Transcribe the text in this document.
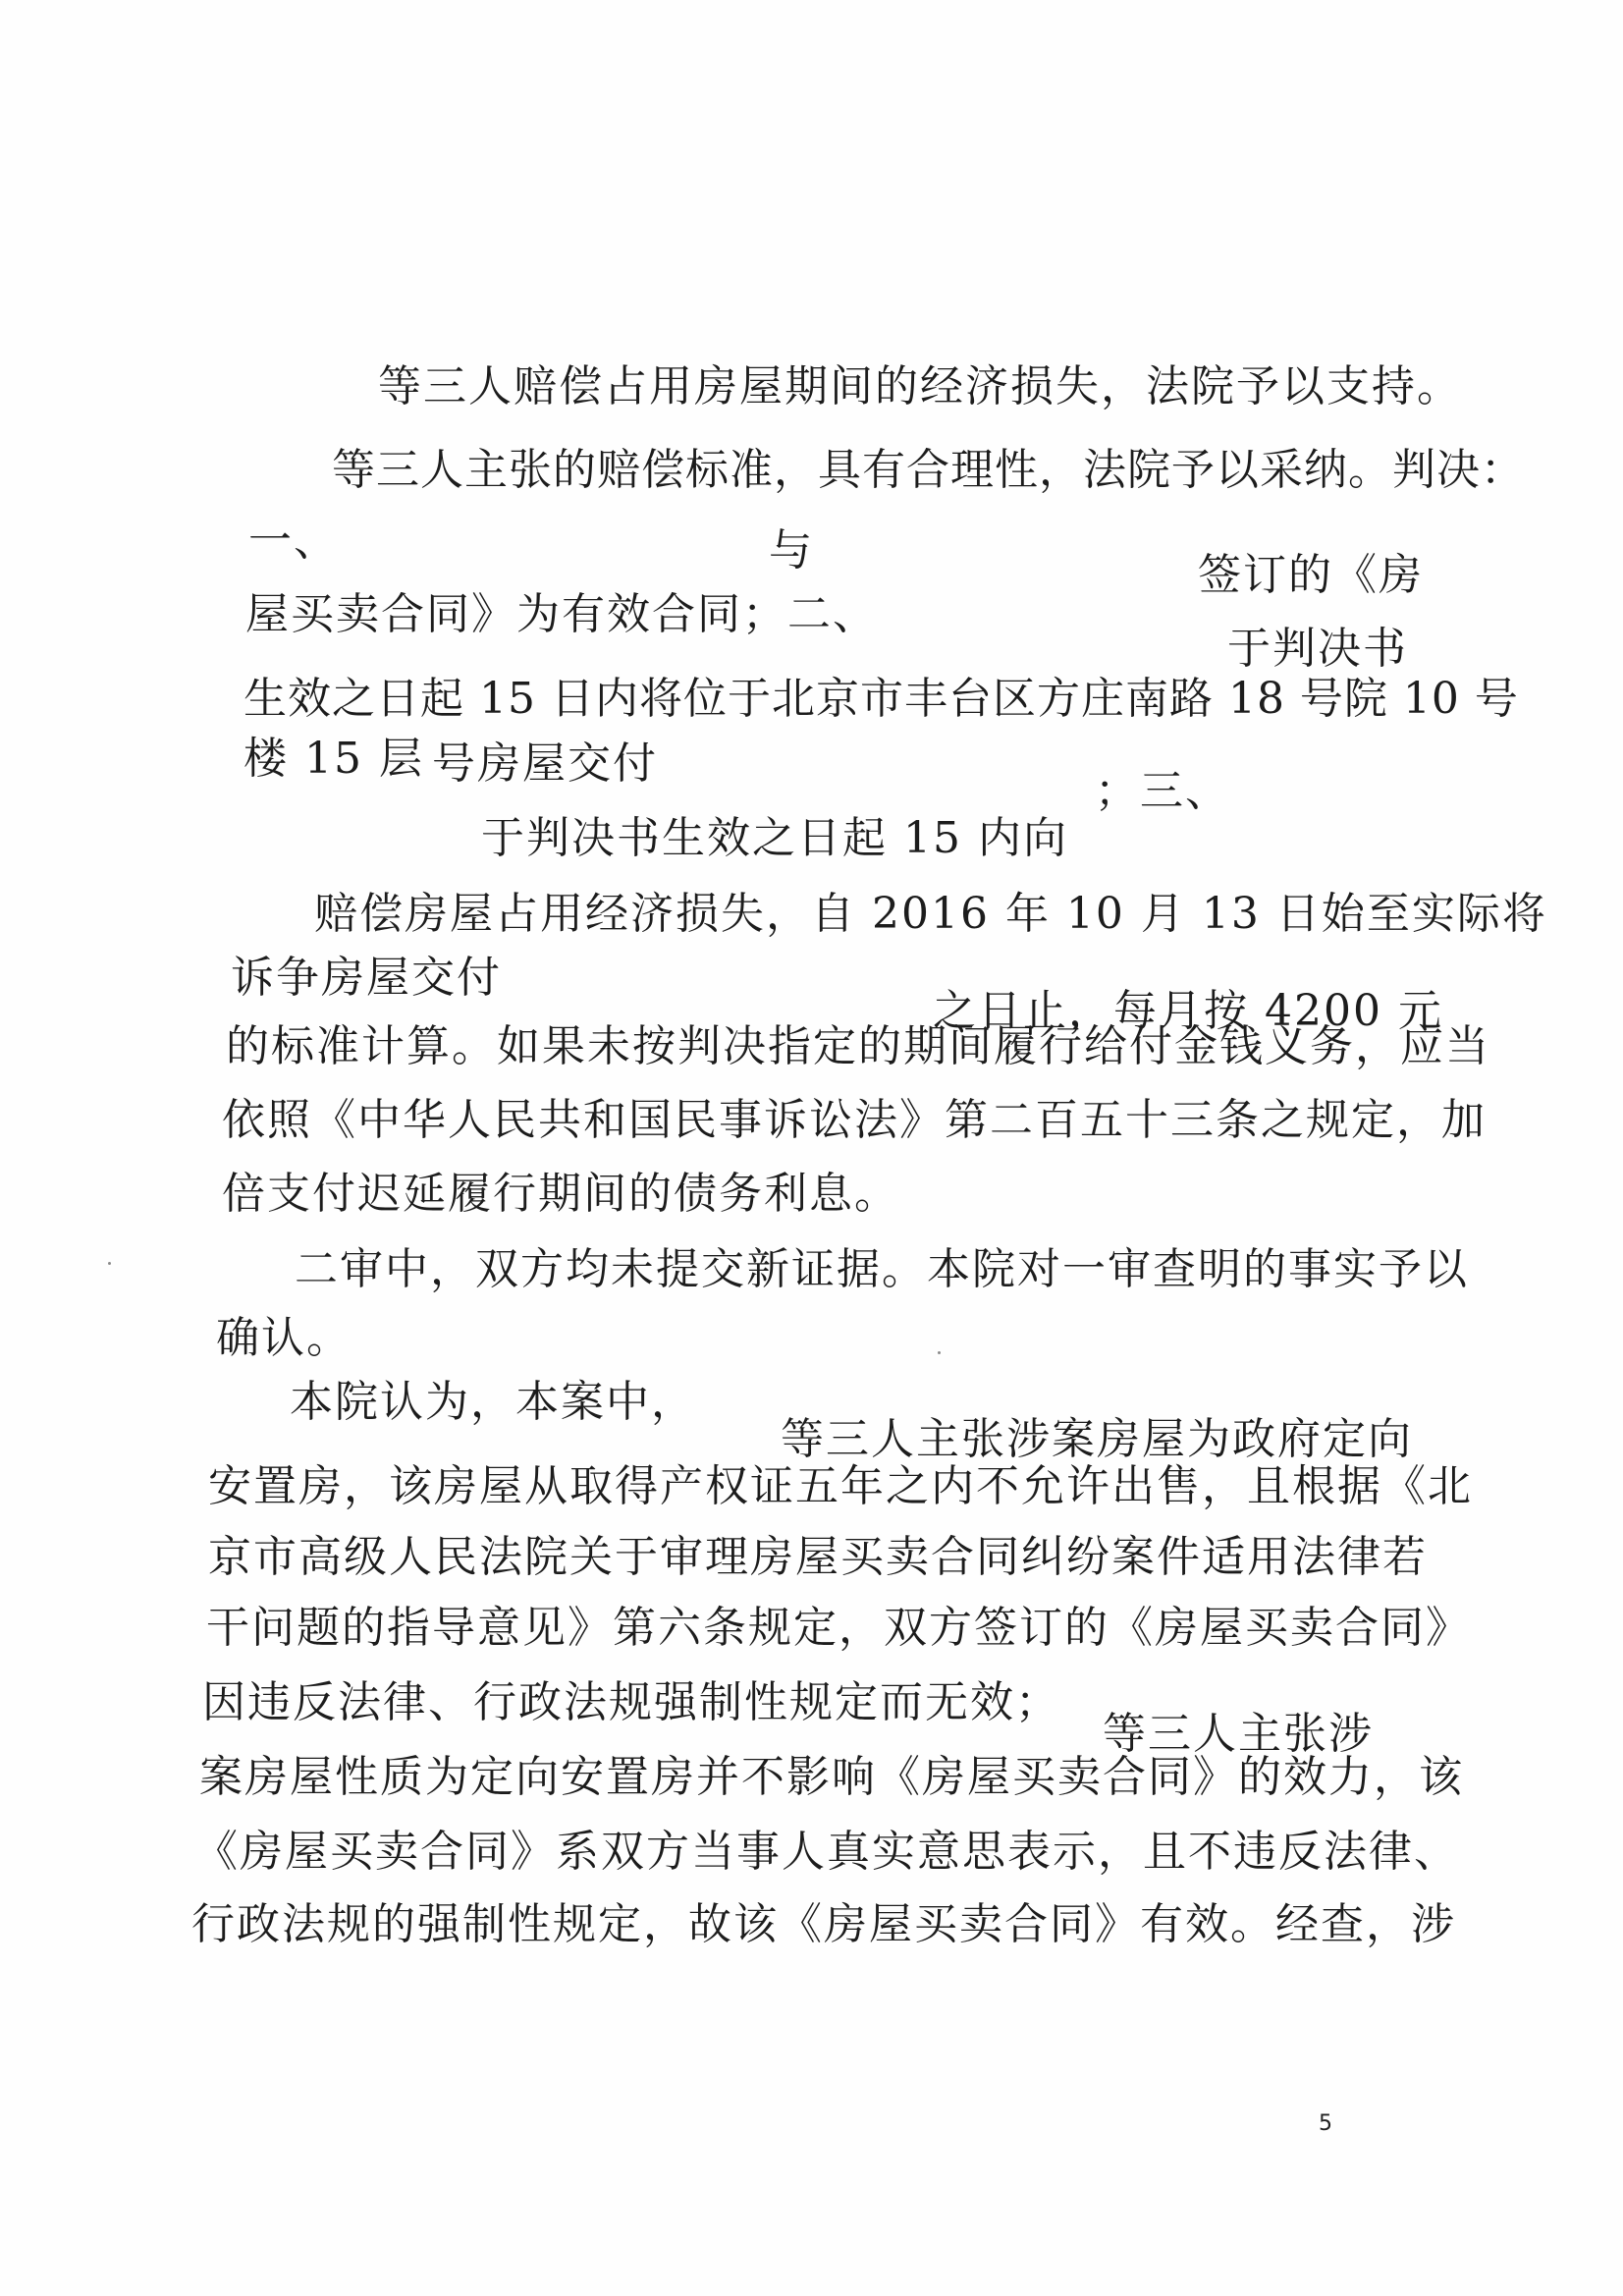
等三人赔偿占用房屋期间的经济损失，法院予以支持。
等三人主张的赔偿标准，具有合理性，法院予以采纳。判决：
一、	与	签订的《房
屋买卖合同》为有效合同；二、
于判决书
生效之日起 15 日内将位于北京市丰台区方庄南路 18 号院 10 号
楼 15 层 号房屋交付
；三、
于判决书生效之日起 15 内向
赔偿房屋占用经济损失，自 2016 年 10 月 13 日始至实际将
诉争房屋交付
之日止，每月按 4200 元
的标准计算。如果未按判决指定的期间履行给付金钱义务，应当
依照《中华人民共和国民事诉讼法》第二百五十三条之规定，加
倍支付迟延履行期间的债务利息。
二审中，双方均未提交新证据。本院对一审查明的事实予以
确认。
本院认为，本案中，
等三人主张涉案房屋为政府定向
安置房，该房屋从取得产权证五年之内不允许出售，且根据《北
京市高级人民法院关于审理房屋买卖合同纠纷案件适用法律若
干问题的指导意见》第六条规定，双方签订的《房屋买卖合同》
因违反法律、行政法规强制性规定而无效；
等三人主张涉
案房屋性质为定向安置房并不影响《房屋买卖合同》的效力，该
《房屋买卖合同》系双方当事人真实意思表示，且不违反法律、
行政法规的强制性规定，故该《房屋买卖合同》有效。经查，涉
5
